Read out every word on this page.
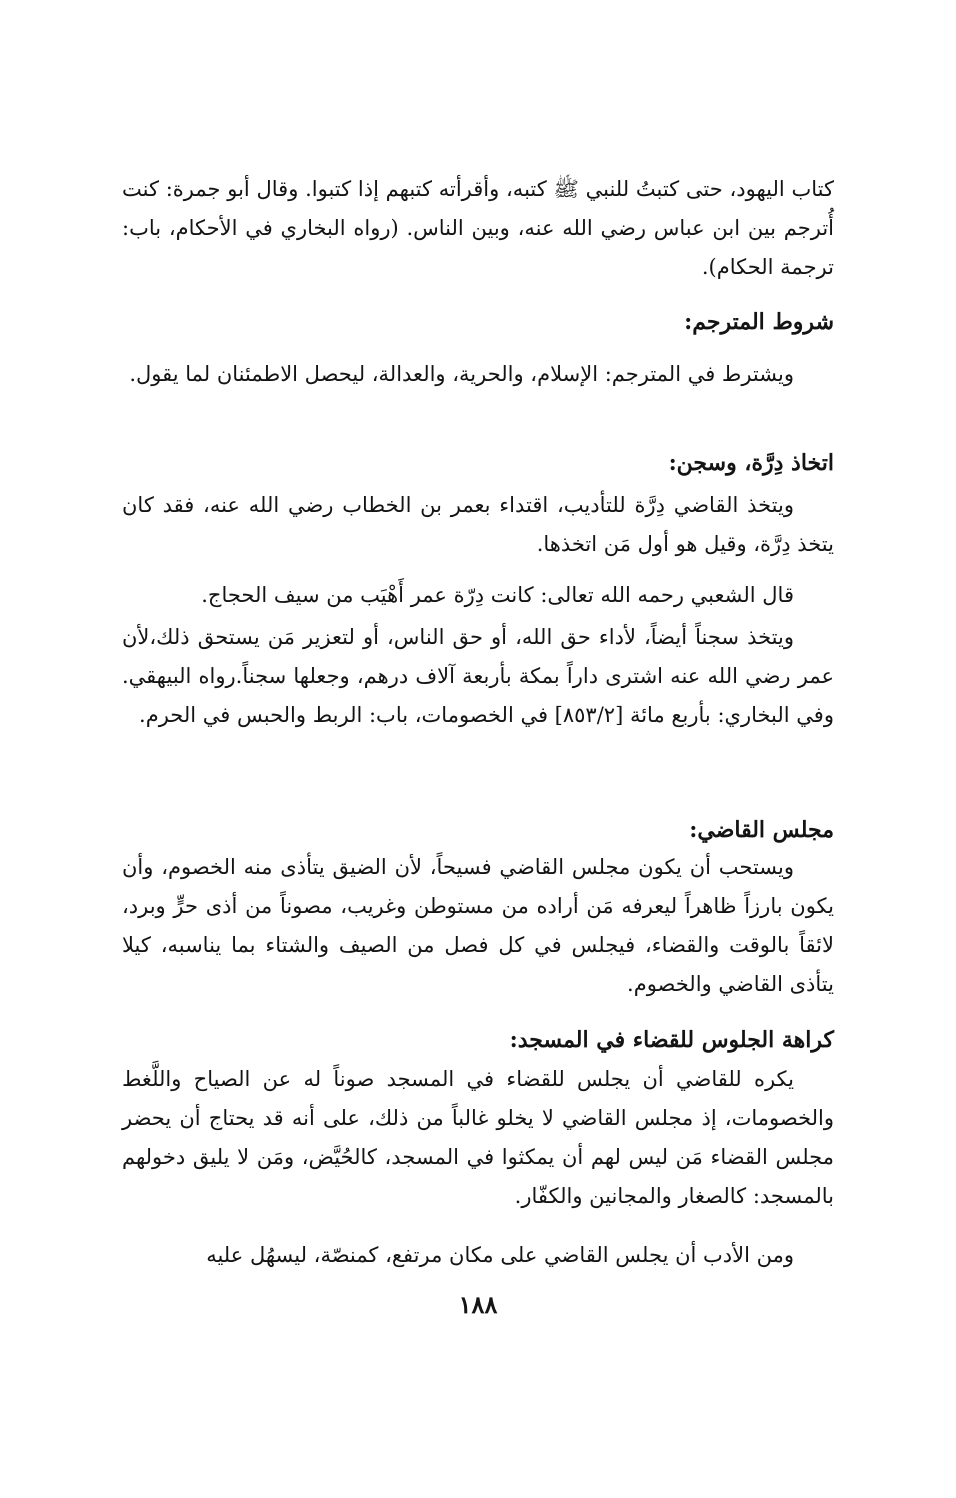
كتاب اليهود، حتى كتبتُ للنبي ﷺ كتبه، وأقرأته كتبهم إذا كتبوا. وقال أبو جمرة: كنت أُترجم بين ابن عباس رضي الله عنه، وبين الناس. (رواه البخاري في الأحكام، باب: ترجمة الحكام).

شروط المترجم:

ويشترط في المترجم: الإسلام، والحرية، والعدالة، ليحصل الاطمئنان لما يقول.

اتخاذ دِرَّة، وسجن:

ويتخذ القاضي دِرَّة للتأديب، اقتداء بعمر بن الخطاب رضي الله عنه، فقد كان يتخذ دِرَّة، وقيل هو أول مَن اتخذها.

قال الشعبي رحمه الله تعالى: كانت دِرّة عمر أَهْيَب من سيف الحجاج.

ويتخذ سجناً أيضاً، لأداء حق الله، أو حق الناس، أو لتعزير مَن يستحق ذلك،لأن عمر رضي الله عنه اشترى داراً بمكة بأربعة آلاف درهم، وجعلها سجناً.رواه البيهقي. وفي البخاري: بأربع مائة [٨٥٣/٢] في الخصومات، باب: الربط والحبس في الحرم.

مجلس القاضي:

ويستحب أن يكون مجلس القاضي فسيحاً، لأن الضيق يتأذى منه الخصوم، وأن يكون بارزاً ظاهراً ليعرفه مَن أراده من مستوطن وغريب، مصوناً من أذى حرٍّ وبرد، لائقاً بالوقت والقضاء، فيجلس في كل فصل من الصيف والشتاء بما يناسبه، كيلا يتأذى القاضي والخصوم.

كراهة الجلوس للقضاء في المسجد:

يكره للقاضي أن يجلس للقضاء في المسجد صوناً له عن الصياح واللَّغط والخصومات، إذ مجلس القاضي لا يخلو غالباً من ذلك، على أنه قد يحتاج أن يحضر مجلس القضاء مَن ليس لهم أن يمكثوا في المسجد، كالحُيَّض، ومَن لا يليق دخولهم بالمسجد: كالصغار والمجانين والكفّار.

ومن الأدب أن يجلس القاضي على مكان مرتفع، كمنصّة، ليسهُل عليه

١٨٨
